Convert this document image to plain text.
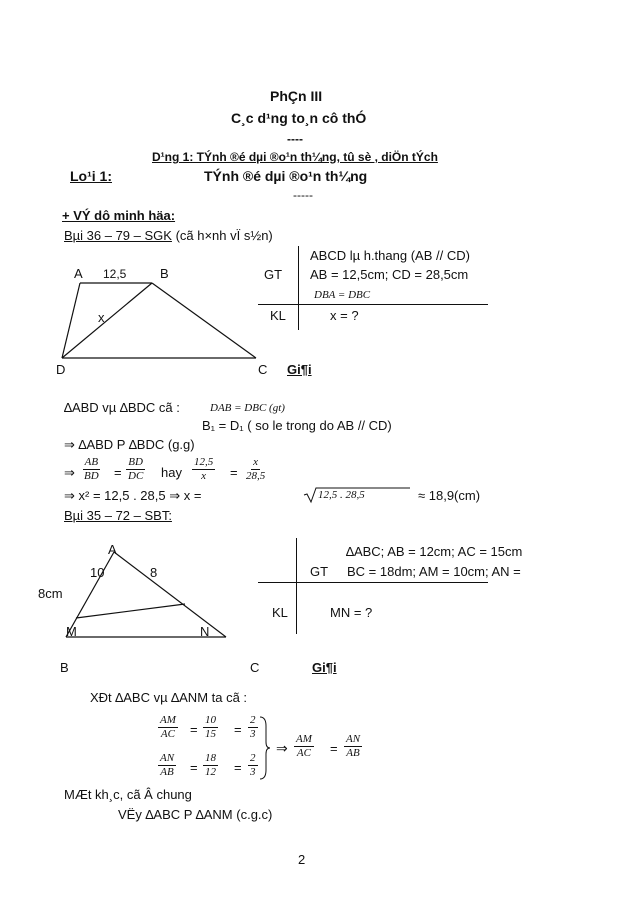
PhÇn III
C¸c d¹ng to¸n cô thÓ
----
D¹ng 1: TÝnh ®é dµi ®o¹n th¼ng, tû sè , diÖn tÝch
Lo¹i 1:	TÝnh ®é dµi ®o¹n th¼ng
-----
+ VÝ dô minh häa:
Bµi 36 – 79 – SGK (cã h×nh vÏ s½n)
A 12,5	B
x
D	C Gi¶i
ABCD lµ h.thang (AB // CD)
GT AB = 12,5cm; CD = 28,5cm
DBA = DBC
KL	x = ?
∆ABD vµ ∆BDC cã :	DAB = DBC (gt)
B₁ = D₁ ( so le trong do AB // CD)
⇒ ∆ABD P ∆BDC (g.g)
⇒ $\frac{AB}{BD} = \frac{BD}{DC}$ hay $\frac{12,5}{x} = \frac{x}{28,5}$
⇒ x² = 12,5 . 28,5 ⇒ x =	12,5 . 28,5	≈ 18,9(cm)
Bµi 35 – 72 – SBT:
A
10	8
8cm
M	N
B	C	Gi¶i
∆ABC; AB = 12cm; AC = 15cm
GT BC = 18dm; AM = 10cm; AN =
KL	MN = ?
XÐt ∆ABC vµ ∆ANM ta cã :
$\frac{AM}{AC} = \frac{10}{15} = \frac{2}{3}$
$\frac{AN}{AB} = \frac{18}{12} = \frac{2}{3}$
⇒ $\frac{AM}{AC} = \frac{AN}{AB}$
MÆt kh¸c, cã Â chung
VËy ∆ABC P ∆ANM (c.g.c)
2
